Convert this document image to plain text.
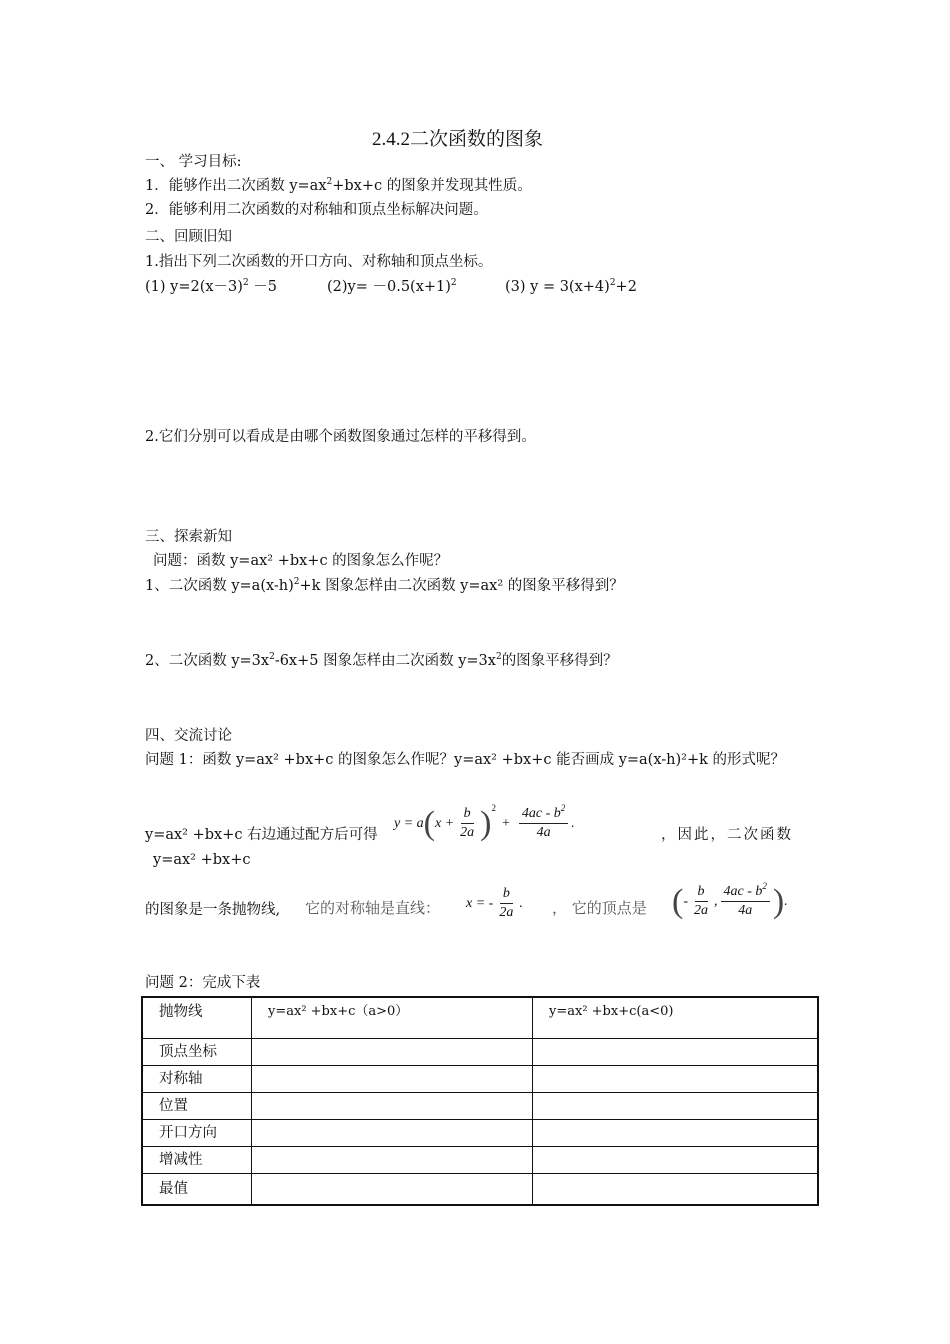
2.4.2二次函数的图象
一、 学习目标:
1．能够作出二次函数 $y=ax^2+bx+c$ 的图象并发现其性质。
2．能够利用二次函数的对称轴和顶点坐标解决问题。
二、回顾旧知
1.指出下列二次函数的开口方向、对称轴和顶点坐标。
(1) $y=2(x-3)^2 -5$	$(2)y= -0.5(x+1)^2$	(3) $y = 3(x+4)^2+2$
2.它们分别可以看成是由哪个函数图象通过怎样的平移得到。
三、探索新知
问题：函数 y=ax² +bx+c 的图象怎么作呢？
1、二次函数 $y=a(x-h)^2+k$ 图象怎样由二次函数 y=ax² 的图象平移得到？
2、二次函数 $y=3x^2-6x+5$ 图象怎样由二次函数 $y=3x^2$的图象平移得到？
四、交流讨论
问题 1：函数 y=ax² +bx+c 的图象怎么作呢？y=ax² +bx+c 能否画成 y=a(x-h)²+k 的形式呢？
y=ax² +bx+c 右边通过配方后可得
y = a ( $x + \frac{b}{2a}$ ) 2
+ $\frac{4ac - b^2}{4a}$ .
，因此，二次函数
y=ax² +bx+c
的图象是一条抛物线, 它的对称轴是直线： x = - $\frac{b}{2a}$ . ， 它的顶点是 ( - $\frac{b}{2a}$ , $\frac{4ac - b^2}{4a}$ ) .
问题 2：完成下表
抛物线	y=ax² +bx+c（a>0）	y=ax² +bx+c(a<0)
顶点坐标		
对称轴		
位置		
开口方向		
增减性		
最值		
